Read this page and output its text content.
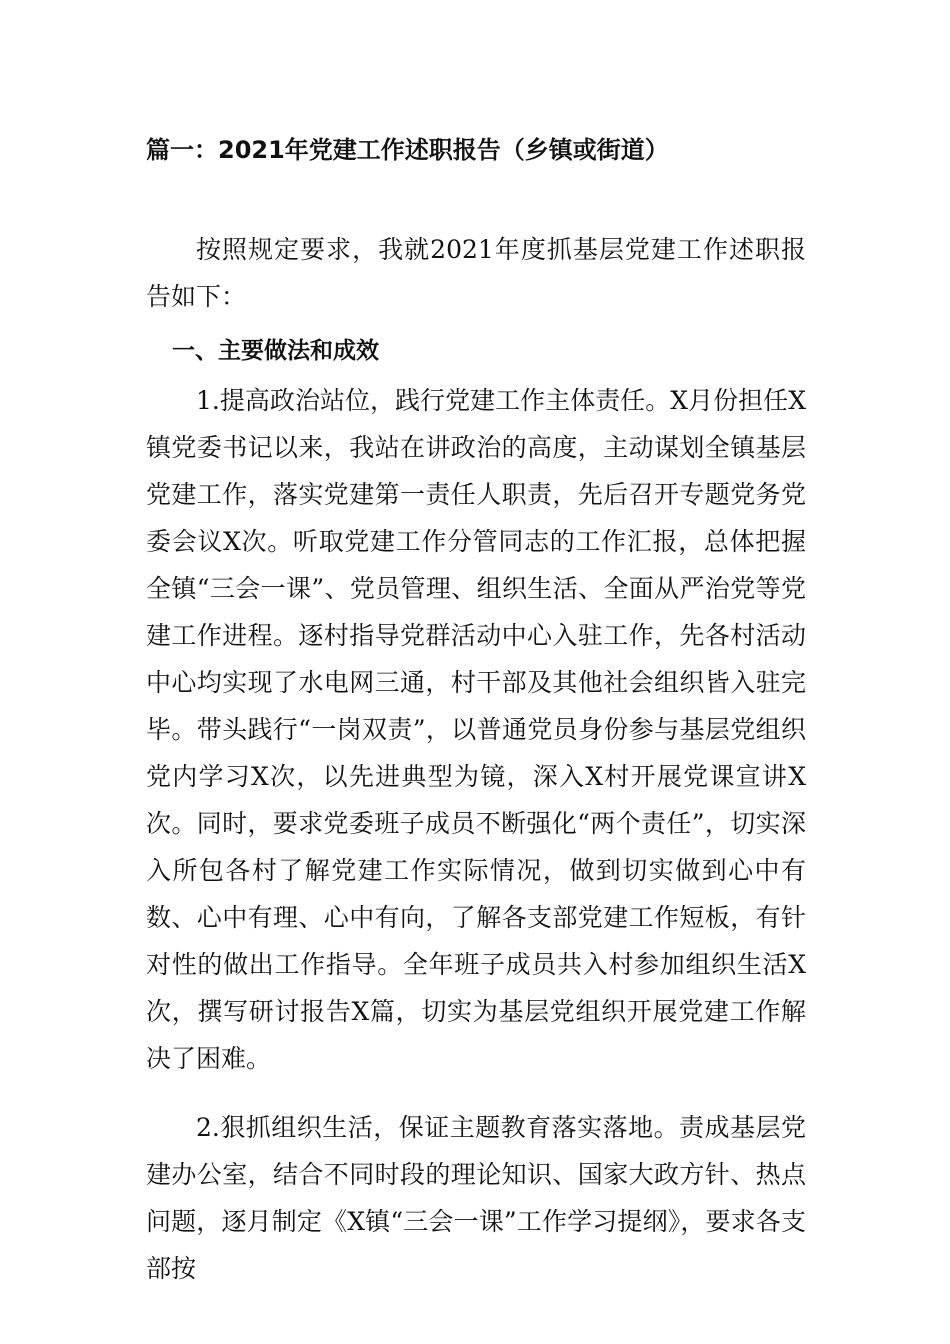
篇一：2021年党建工作述职报告（乡镇或街道）

按照规定要求，我就2021年度抓基层党建工作述职报告如下：

一、主要做法和成效

1.提高政治站位，践行党建工作主体责任。X月份担任X镇党委书记以来，我站在讲政治的高度，主动谋划全镇基层党建工作，落实党建第一责任人职责，先后召开专题党务党委会议X次。听取党建工作分管同志的工作汇报，总体把握全镇“三会一课”、党员管理、组织生活、全面从严治党等党建工作进程。逐村指导党群活动中心入驻工作，先各村活动中心均实现了水电网三通，村干部及其他社会组织皆入驻完毕。带头践行“一岗双责”，以普通党员身份参与基层党组织党内学习X次，以先进典型为镜，深入X村开展党课宣讲X次。同时，要求党委班子成员不断强化“两个责任”，切实深入所包各村了解党建工作实际情况，做到切实做到心中有数、心中有理、心中有向，了解各支部党建工作短板，有针对性的做出工作指导。全年班子成员共入村参加组织生活X次，撰写研讨报告X篇，切实为基层党组织开展党建工作解决了困难。

2.狠抓组织生活，保证主题教育落实落地。责成基层党建办公室，结合不同时段的理论知识、国家大政方针、热点问题，逐月制定《X镇“三会一课”工作学习提纲》，要求各支部按
